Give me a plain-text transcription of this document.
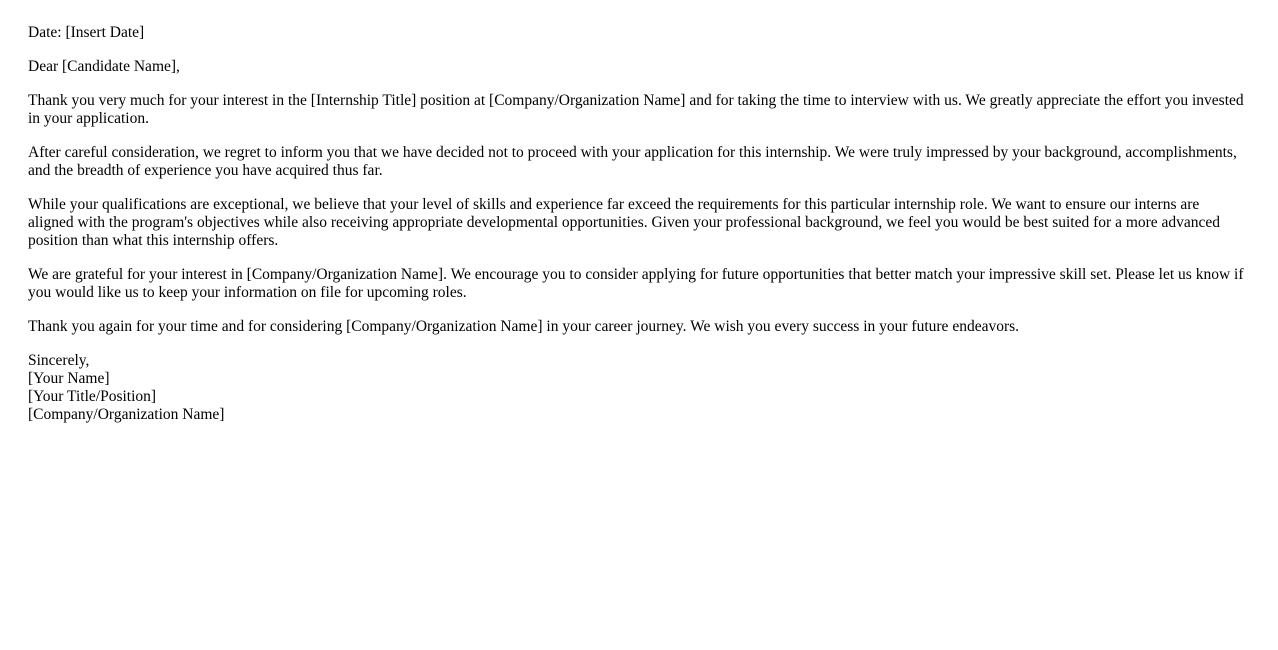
Date: [Insert Date]

Dear [Candidate Name],

Thank you very much for your interest in the [Internship Title] position at [Company/Organization Name] and for taking the time to interview with us. We greatly appreciate the effort you invested in your application.

After careful consideration, we regret to inform you that we have decided not to proceed with your application for this internship. We were truly impressed by your background, accomplishments, and the breadth of experience you have acquired thus far.

While your qualifications are exceptional, we believe that your level of skills and experience far exceed the requirements for this particular internship role. We want to ensure our interns are aligned with the program's objectives while also receiving appropriate developmental opportunities. Given your professional background, we feel you would be best suited for a more advanced position than what this internship offers.

We are grateful for your interest in [Company/Organization Name]. We encourage you to consider applying for future opportunities that better match your impressive skill set. Please let us know if you would like us to keep your information on file for upcoming roles.

Thank you again for your time and for considering [Company/Organization Name] in your career journey. We wish you every success in your future endeavors.

Sincerely,
[Your Name]
[Your Title/Position]
[Company/Organization Name]
